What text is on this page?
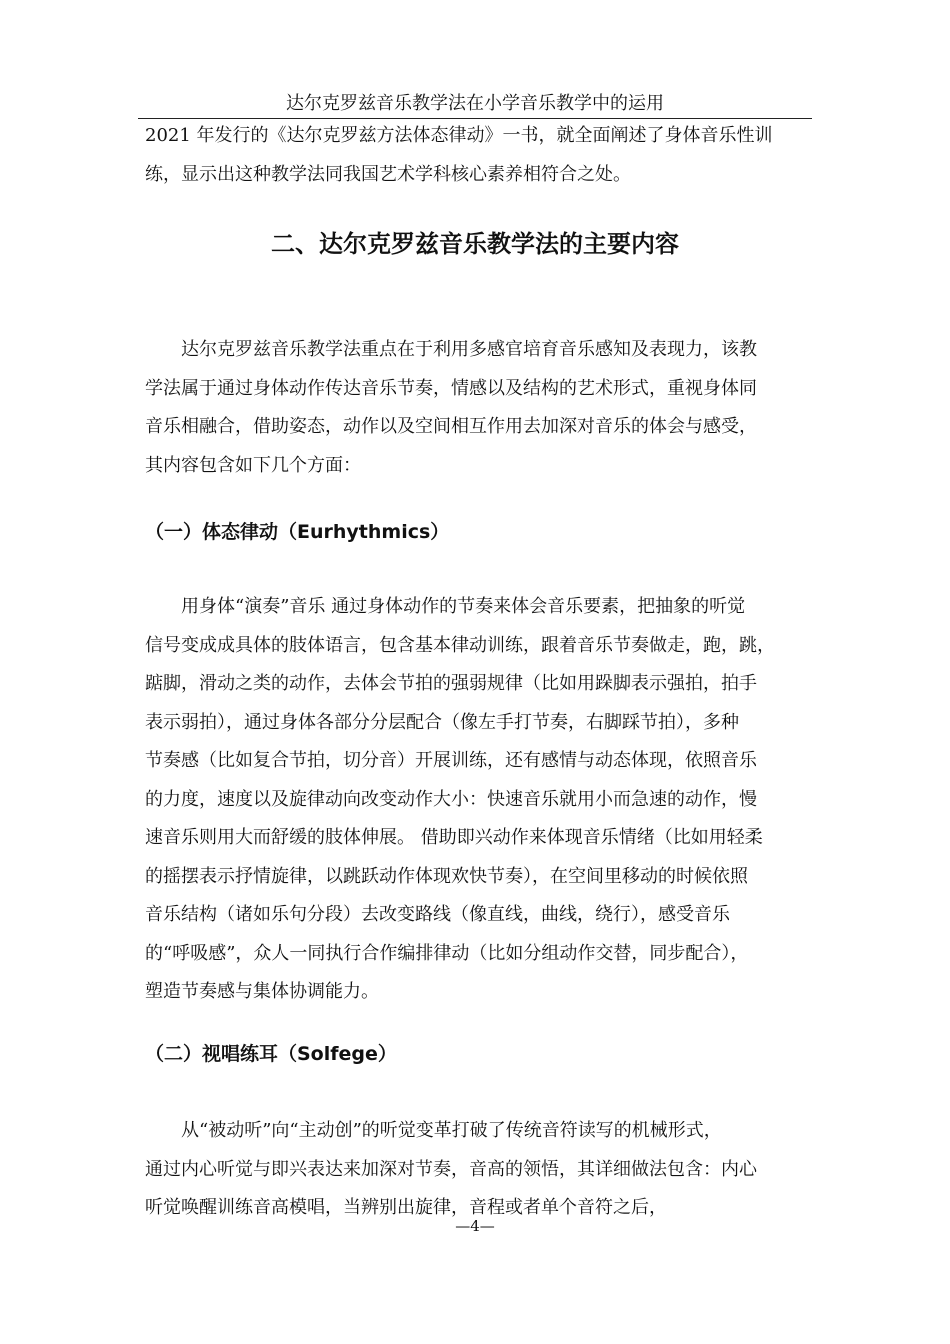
达尔克罗兹音乐教学法在小学音乐教学中的运用
2021 年发行的《达尔克罗兹方法体态律动》一书，就全面阐述了身体音乐性训
练，显示出这种教学法同我国艺术学科核心素养相符合之处。
二、达尔克罗兹音乐教学法的主要内容
达尔克罗兹音乐教学法重点在于利用多感官培育音乐感知及表现力，该教
学法属于通过身体动作传达音乐节奏，情感以及结构的艺术形式，重视身体同
音乐相融合，借助姿态，动作以及空间相互作用去加深对音乐的体会与感受，
其内容包含如下几个方面：
（一）体态律动（Eurhythmics）
用身体“演奏”音乐 通过身体动作的节奏来体会音乐要素，把抽象的听觉
信号变成成具体的肢体语言，包含基本律动训练，跟着音乐节奏做走，跑，跳，
踮脚，滑动之类的动作，去体会节拍的强弱规律（比如用跺脚表示强拍，拍手
表示弱拍），通过身体各部分分层配合（像左手打节奏，右脚踩节拍），多种
节奏感（比如复合节拍，切分音）开展训练，还有感情与动态体现，依照音乐
的力度，速度以及旋律动向改变动作大小：快速音乐就用小而急速的动作，慢
速音乐则用大而舒缓的肢体伸展。 借助即兴动作来体现音乐情绪（比如用轻柔
的摇摆表示抒情旋律，以跳跃动作体现欢快节奏），在空间里移动的时候依照
音乐结构（诸如乐句分段）去改变路线（像直线，曲线，绕行），感受音乐
的“呼吸感”，众人一同执行合作编排律动（比如分组动作交替，同步配合），
塑造节奏感与集体协调能力。
（二）视唱练耳（Solfege）
从“被动听”向“主动创”的听觉变革打破了传统音符读写的机械形式，
通过内心听觉与即兴表达来加深对节奏，音高的领悟，其详细做法包含：内心
听觉唤醒训练音高模唱，当辨别出旋律，音程或者单个音符之后，
—4—
